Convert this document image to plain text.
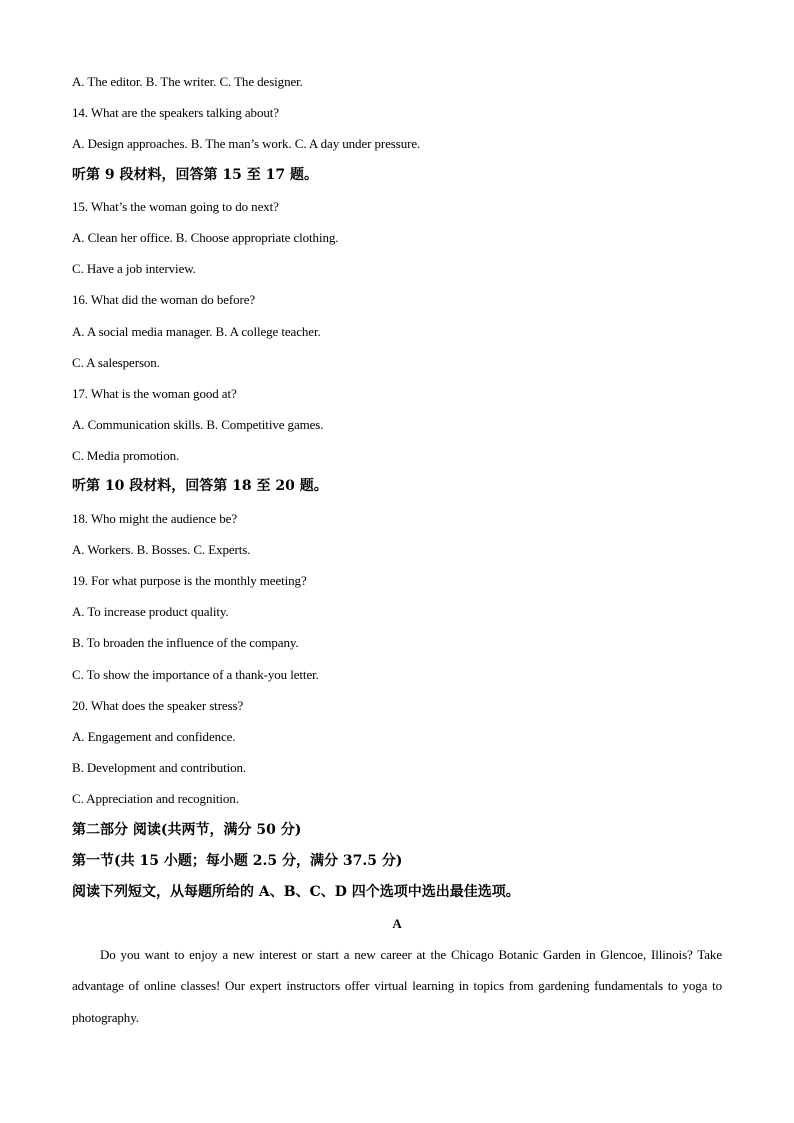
A. The editor. B. The writer. C. The designer.
14. What are the speakers talking about?
A. Design approaches. B. The man’s work. C. A day under pressure.
听第 9 段材料，回答第 15 至 17 题。
15. What’s the woman going to do next?
A. Clean her office. B. Choose appropriate clothing.
C. Have a job interview.
16. What did the woman do before?
A. A social media manager. B. A college teacher.
C. A salesperson.
17. What is the woman good at?
A. Communication skills. B. Competitive games.
C. Media promotion.
听第 10 段材料，回答第 18 至 20 题。
18. Who might the audience be?
A. Workers. B. Bosses. C. Experts.
19. For what purpose is the monthly meeting?
A. To increase product quality.
B. To broaden the influence of the company.
C. To show the importance of a thank-you letter.
20. What does the speaker stress?
A. Engagement and confidence.
B. Development and contribution.
C. Appreciation and recognition.
第二部分 阅读(共两节，满分 50 分)
第一节(共 15 小题；每小题 2.5 分，满分 37.5 分)
阅读下列短文，从每题所给的 A、B、C、D 四个选项中选出最佳选项。
A

Do you want to enjoy a new interest or start a new career at the Chicago Botanic Garden in Glencoe, Illinois? Take advantage of online classes! Our expert instructors offer virtual learning in topics from gardening fundamentals to yoga to photography.
